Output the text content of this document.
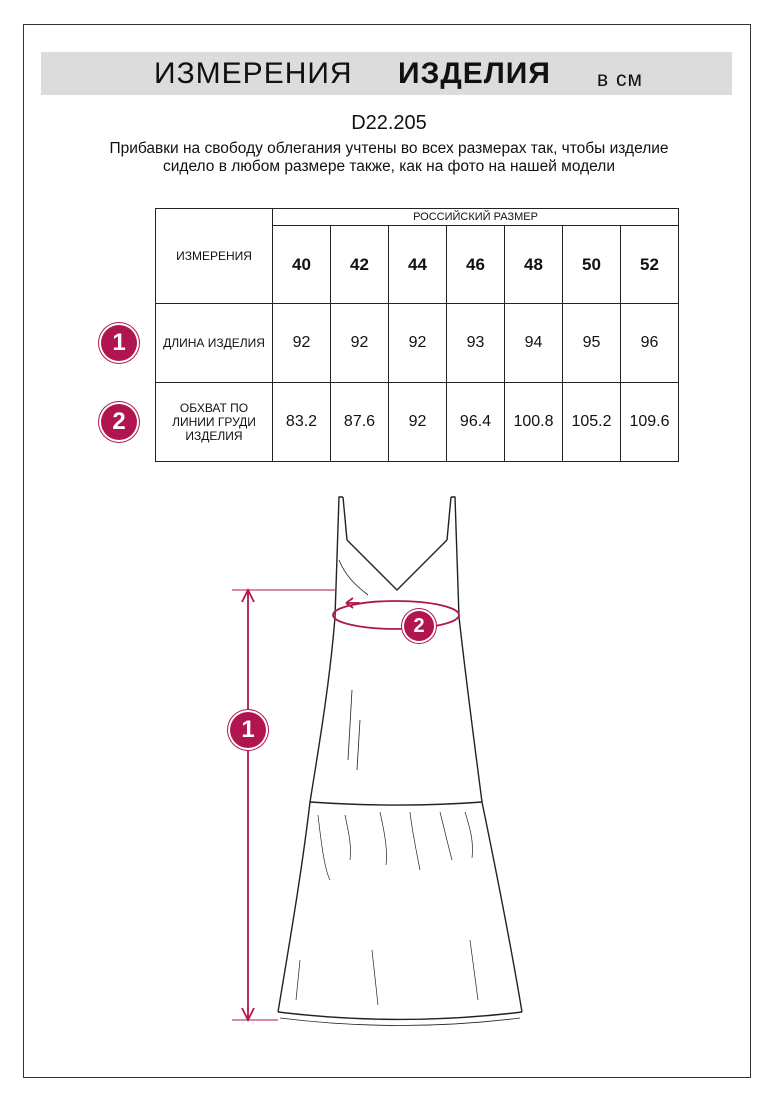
ИЗМЕРЕНИЯ ИЗДЕЛИЯ в см
D22.205
Прибавки на свободу облегания учтены во всех размерах так, чтобы изделие сидело в любом размере также, как на фото на нашей модели
ИЗМЕРЕНИЯ	РОССИЙСКИЙ РАЗМЕР						
	40	42	44	46	48	50	52
ДЛИНА ИЗДЕЛИЯ	92	92	92	93	94	95	96
ОБХВАТ ПО ЛИНИИ ГРУДИ ИЗДЕЛИЯ	83.2	87.6	92	96.4	100.8	105.2	109.6
1
2
1
2
